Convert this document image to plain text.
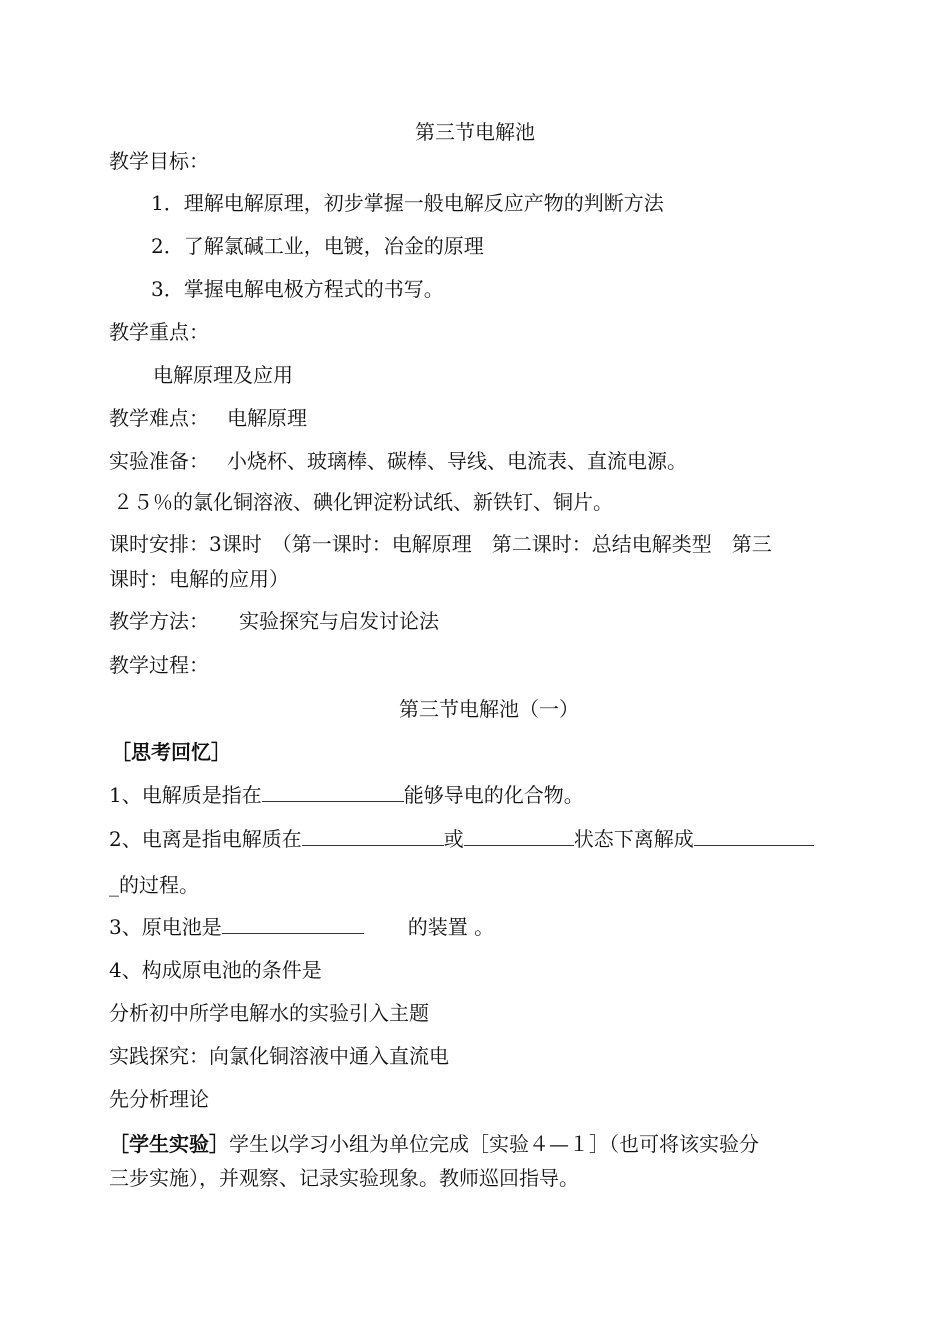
第三节电解池
教学目标：
1．理解电解原理，初步掌握一般电解反应产物的判断方法
2．了解氯碱工业，电镀，冶金的原理
3．掌握电解电极方程式的书写。
教学重点：
电解原理及应用
教学难点： 电解原理
实验准备： 小烧杯、玻璃棒、碳棒、导线、电流表、直流电源。
２５％的氯化铜溶液、碘化钾淀粉试纸、新铁钉、铜片。
课时安排：3课时　（第一课时：电解原理　第二课时：总结电解类型　第三
课时：电解的应用）
教学方法： 实验探究与启发讨论法
教学过程：
第三节电解池（一）
［思考回忆］
1、电解质是指在	能够导电的化合物。
2、电离是指电解质在	或	状态下离解成
_的过程。
3、原电池是	的装置 。
4、构成原电池的条件是
分析初中所学电解水的实验引入主题
实践探究：向氯化铜溶液中通入直流电
先分析理论
［学生实验］学生以学习小组为单位完成［实验４—１］（也可将该实验分
三步实施），并观察、记录实验现象。教师巡回指导。
